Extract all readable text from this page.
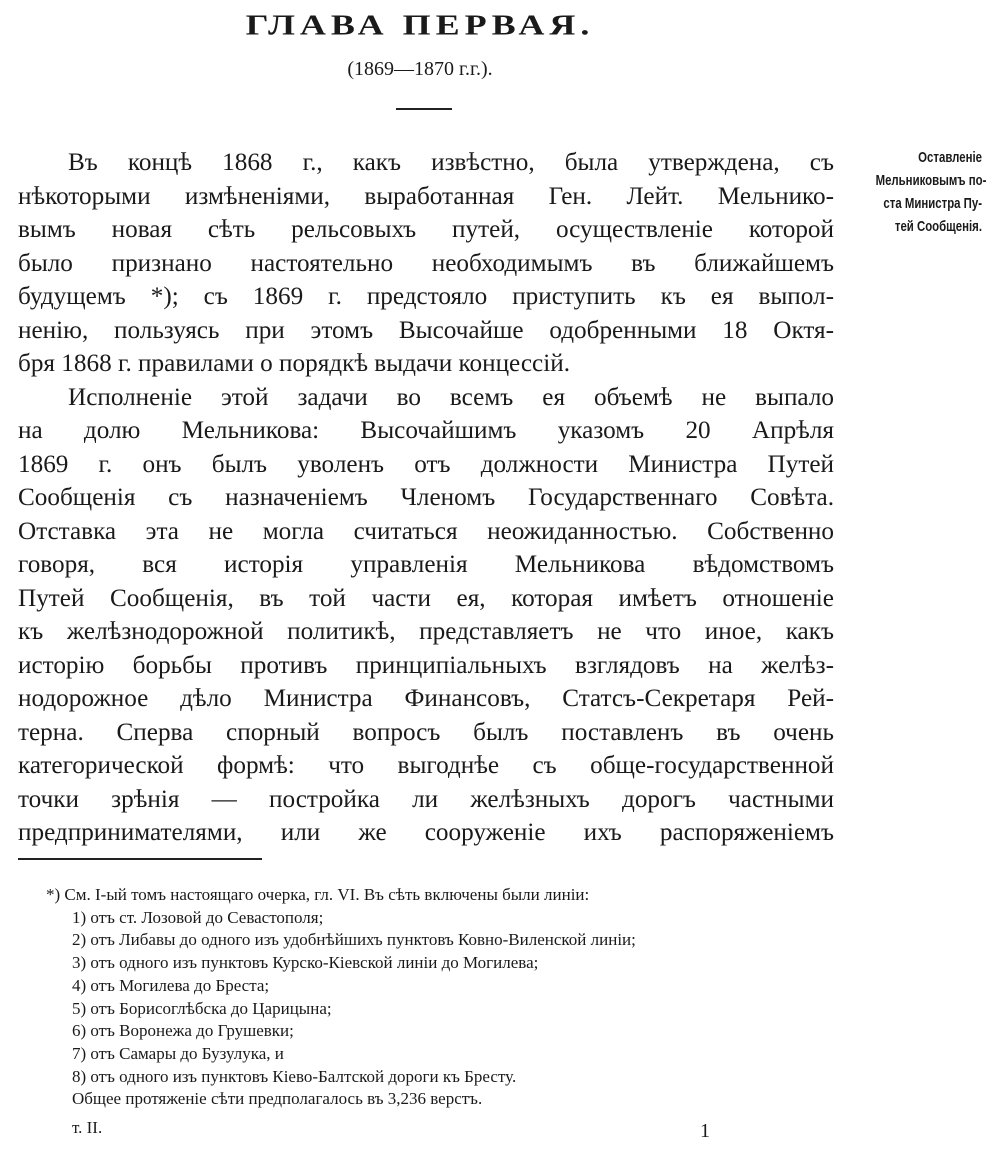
ГЛАВА ПЕРВАЯ.
(1869—1870 г.г.).
Въ концѣ 1868 г., какъ извѣстно, была утверждена, съ
нѣкоторыми измѣненіями, выработанная Ген. Лейт. Мельнико-
вымъ новая сѣть рельсовыхъ путей, осуществленіе которой
было признано настоятельно необходимымъ въ ближайшемъ
будущемъ *); съ 1869 г. предстояло приступить къ ея выпол-
ненію, пользуясь при этомъ Высочайше одобренными 18 Октя-
бря 1868 г. правилами о порядкѣ выдачи концессій.
Исполненіе этой задачи во всемъ ея объемѣ не выпало
на долю Мельникова: Высочайшимъ указомъ 20 Апрѣля
1869 г. онъ былъ уволенъ отъ должности Министра Путей
Сообщенія съ назначеніемъ Членомъ Государственнаго Совѣта.
Отставка эта не могла считаться неожиданностью. Собственно
говоря, вся исторія управленія Мельникова вѣдомствомъ
Путей Сообщенія, въ той части ея, которая имѣетъ отношеніе
къ желѣзнодорожной политикѣ, представляетъ не что иное, какъ
исторію борьбы противъ принципіальныхъ взглядовъ на желѣз-
нодорожное дѣло Министра Финансовъ, Статсъ-Секретаря Рей-
терна. Сперва спорный вопросъ былъ поставленъ въ очень
категорической формѣ: что выгоднѣе съ обще-государственной
точки зрѣнія — постройка ли желѣзныхъ дорогъ частными
предпринимателями, или же сооруженіе ихъ распоряженіемъ
Оставленіе
Мельниковымъ по-
ста Министра Пу-
тей Сообщенія.
*) См. I-ый томъ настоящаго очерка, гл. VI. Въ сѣть включены были линіи:
1) отъ ст. Лозовой до Севастополя;
2) отъ Либавы до одного изъ удобнѣйшихъ пунктовъ Ковно-Виленской линіи;
3) отъ одного изъ пунктовъ Курско-Кіевской линіи до Могилева;
4) отъ Могилева до Бреста;
5) отъ Борисоглѣбска до Царицына;
6) отъ Воронежа до Грушевки;
7) отъ Самары до Бузулука, и
8) отъ одного изъ пунктовъ Кіево-Балтской дороги къ Бресту.
Общее протяженіе сѣти предполагалось въ 3,236 верстъ.
т. II.	1
